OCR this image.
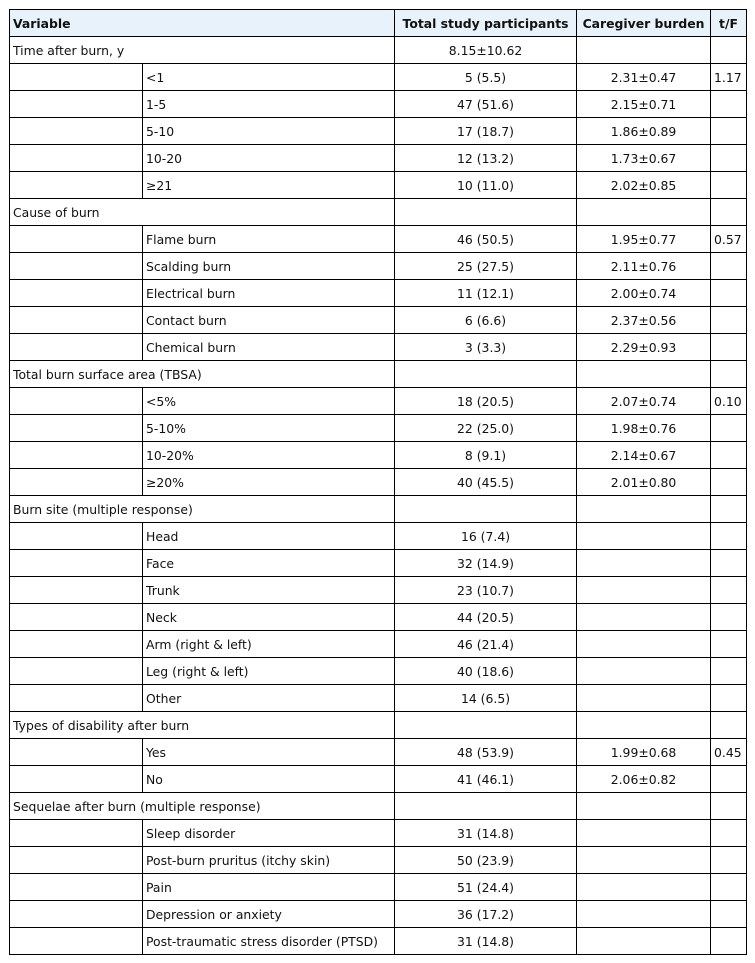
Variable		Total study participants	Caregiver burden	t/F
Time after burn, y		8.15±10.62		
	<1	5 (5.5)	2.31±0.47	1.17
	1-5	47 (51.6)	2.15±0.71	
	5-10	17 (18.7)	1.86±0.89	
	10-20	12 (13.2)	1.73±0.67	
	≥21	10 (11.0)	2.02±0.85	
Cause of burn				
	Flame burn	46 (50.5)	1.95±0.77	0.57
	Scalding burn	25 (27.5)	2.11±0.76	
	Electrical burn	11 (12.1)	2.00±0.74	
	Contact burn	6 (6.6)	2.37±0.56	
	Chemical burn	3 (3.3)	2.29±0.93	
Total burn surface area (TBSA)				
	<5%	18 (20.5)	2.07±0.74	0.10
	5-10%	22 (25.0)	1.98±0.76	
	10-20%	8 (9.1)	2.14±0.67	
	≥20%	40 (45.5)	2.01±0.80	
Burn site (multiple response)				
	Head	16 (7.4)		
	Face	32 (14.9)		
	Trunk	23 (10.7)		
	Neck	44 (20.5)		
	Arm (right & left)	46 (21.4)		
	Leg (right & left)	40 (18.6)		
	Other	14 (6.5)		
Types of disability after burn				
	Yes	48 (53.9)	1.99±0.68	0.45
	No	41 (46.1)	2.06±0.82	
Sequelae after burn (multiple response)				
	Sleep disorder	31 (14.8)		
	Post-burn pruritus (itchy skin)	50 (23.9)		
	Pain	51 (24.4)		
	Depression or anxiety	36 (17.2)		
	Post-traumatic stress disorder (PTSD)	31 (14.8)		
